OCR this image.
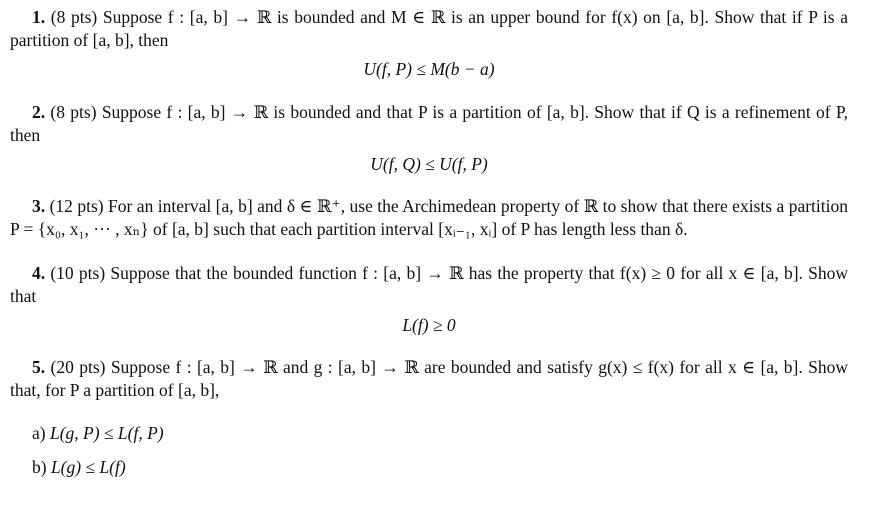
1. (8 pts) Suppose f : [a, b] → ℝ is bounded and M ∈ ℝ is an upper bound for f(x) on [a, b]. Show that if P is a partition of [a, b], then

U(f, P) ≤ M(b − a)

2. (8 pts) Suppose f : [a, b] → ℝ is bounded and that P is a partition of [a, b]. Show that if Q is a refinement of P, then

U(f, Q) ≤ U(f, P)

3. (12 pts) For an interval [a, b] and δ ∈ ℝ⁺, use the Archimedean property of ℝ to show that there exists a partition P = {x₀, x₁, ··· , xₙ} of [a, b] such that each partition interval [xᵢ₋₁, xᵢ] of P has length less than δ.

4. (10 pts) Suppose that the bounded function f : [a, b] → ℝ has the property that f(x) ≥ 0 for all x ∈ [a, b]. Show that

L(f) ≥ 0

5. (20 pts) Suppose f : [a, b] → ℝ and g : [a, b] → ℝ are bounded and satisfy g(x) ≤ f(x) for all x ∈ [a, b]. Show that, for P a partition of [a, b],

a) L(g, P) ≤ L(f, P)
b) L(g) ≤ L(f)
